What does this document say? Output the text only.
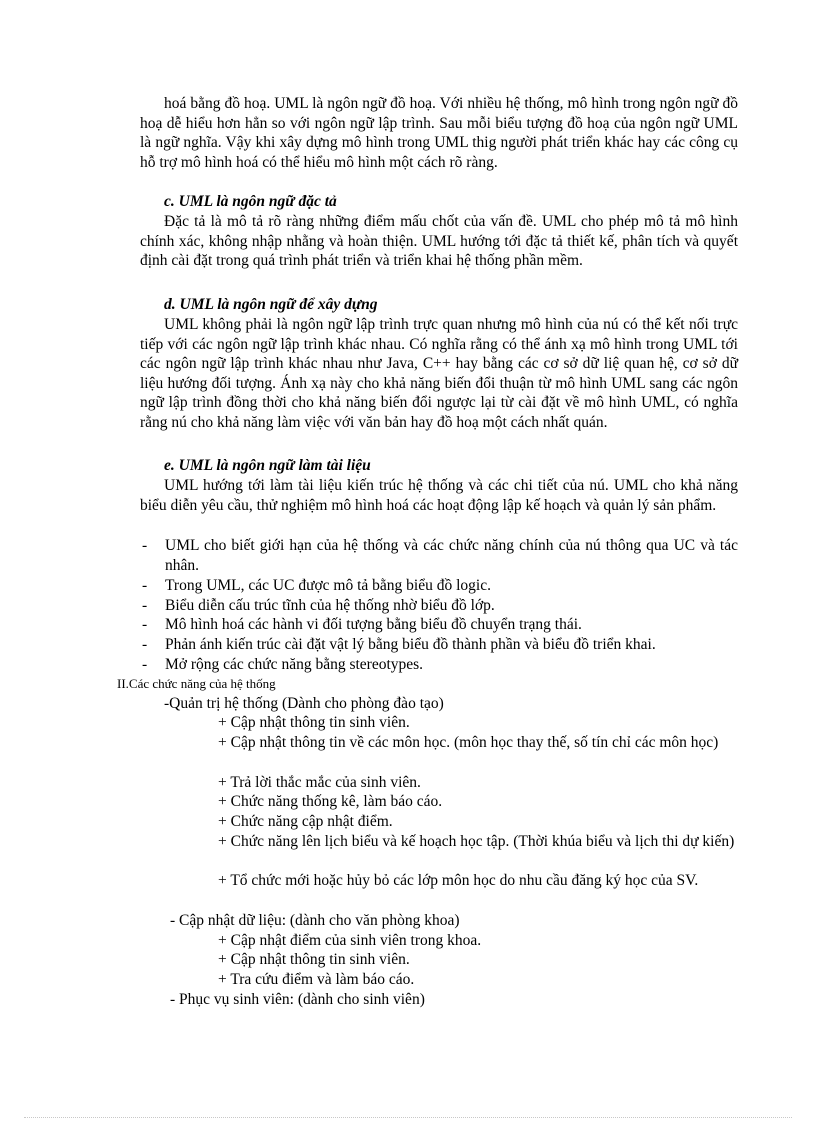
hoá bằng đồ hoạ. UML là ngôn ngữ đồ hoạ. Với nhiều hệ thống, mô hình trong ngôn ngữ đồ hoạ dễ hiểu hơn hẳn so với ngôn ngữ lập trình. Sau mỗi biểu tượng đồ hoạ của ngôn ngữ UML là ngữ nghĩa. Vậy khi xây dựng mô hình trong UML thig người phát triển khác hay các công cụ hỗ trợ mô hình hoá có thể hiểu mô hình một cách rõ ràng.

c. UML là ngôn ngữ đặc tả

Đặc tả là mô tả rõ ràng những điểm mấu chốt của vấn đề. UML cho phép mô tả mô hình chính xác, không nhập nhằng và hoàn thiện. UML hướng tới đặc tả thiết kế, phân tích và quyết định cài đặt trong quá trình phát triển và triển khai hệ thống phần mềm.

d. UML là ngôn ngữ để xây dựng

UML không phải là ngôn ngữ lập trình trực quan nhưng mô hình của nú có thể kết nối trực tiếp với các ngôn ngữ lập trình khác nhau. Có nghĩa rằng có thể ánh xạ mô hình trong UML tới các ngôn ngữ lập trình khác nhau như Java, C++ hay bằng các cơ sở dữ liệ quan hệ, cơ sở dữ liệu hướng đối tượng. Ánh xạ này cho khả năng biến đổi thuận từ mô hình UML sang các ngôn ngữ lập trình đồng thời cho khả năng biến đổi ngược lại từ cài đặt về mô hình UML, có nghĩa rằng nú cho khả năng làm việc với văn bản hay đồ hoạ một cách nhất quán.

e. UML là ngôn ngữ làm tài liệu

UML hướng tới làm tài liệu kiến trúc hệ thống và các chi tiết của nú. UML cho khả năng biểu diễn yêu cầu, thử nghiệm mô hình hoá các hoạt động lập kế hoạch và quản lý sản phẩm.

- UML cho biết giới hạn của hệ thống và các chức năng chính của nú thông qua UC và tác nhân.
- Trong UML, các UC được mô tả bằng biểu đồ logic.
- Biểu diễn cấu trúc tĩnh của hệ thống nhờ biểu đồ lớp.
- Mô hình hoá các hành vi đối tượng bằng biểu đồ chuyển trạng thái.
- Phản ánh kiến trúc cài đặt vật lý bằng biểu đồ thành phần và biểu đồ triển khai.
- Mở rộng các chức năng bằng stereotypes.

II.Các chức năng của hệ thống

-Quản trị hệ thống (Dành cho phòng đào tạo)

+ Cập nhật thông tin sinh viên.

+ Cập nhật thông tin về các môn học. (môn học thay thế, số tín chỉ các môn học)

+ Trả lời thắc mắc của sinh viên.

+ Chức năng thống kê, làm báo cáo.

+ Chức năng cập nhật điểm.

+ Chức năng lên lịch biểu và kế hoạch học tập. (Thời khúa biểu và lịch thi dự kiến)

+ Tổ chức mới hoặc hủy bỏ các lớp môn học do nhu cầu đăng ký học của SV.

- Cập nhật dữ liệu: (dành cho văn phòng khoa)

+ Cập nhật điểm của sinh viên trong khoa.

+ Cập nhật thông tin sinh viên.

+ Tra cứu điểm và làm báo cáo.

- Phục vụ sinh viên: (dành cho sinh viên)
